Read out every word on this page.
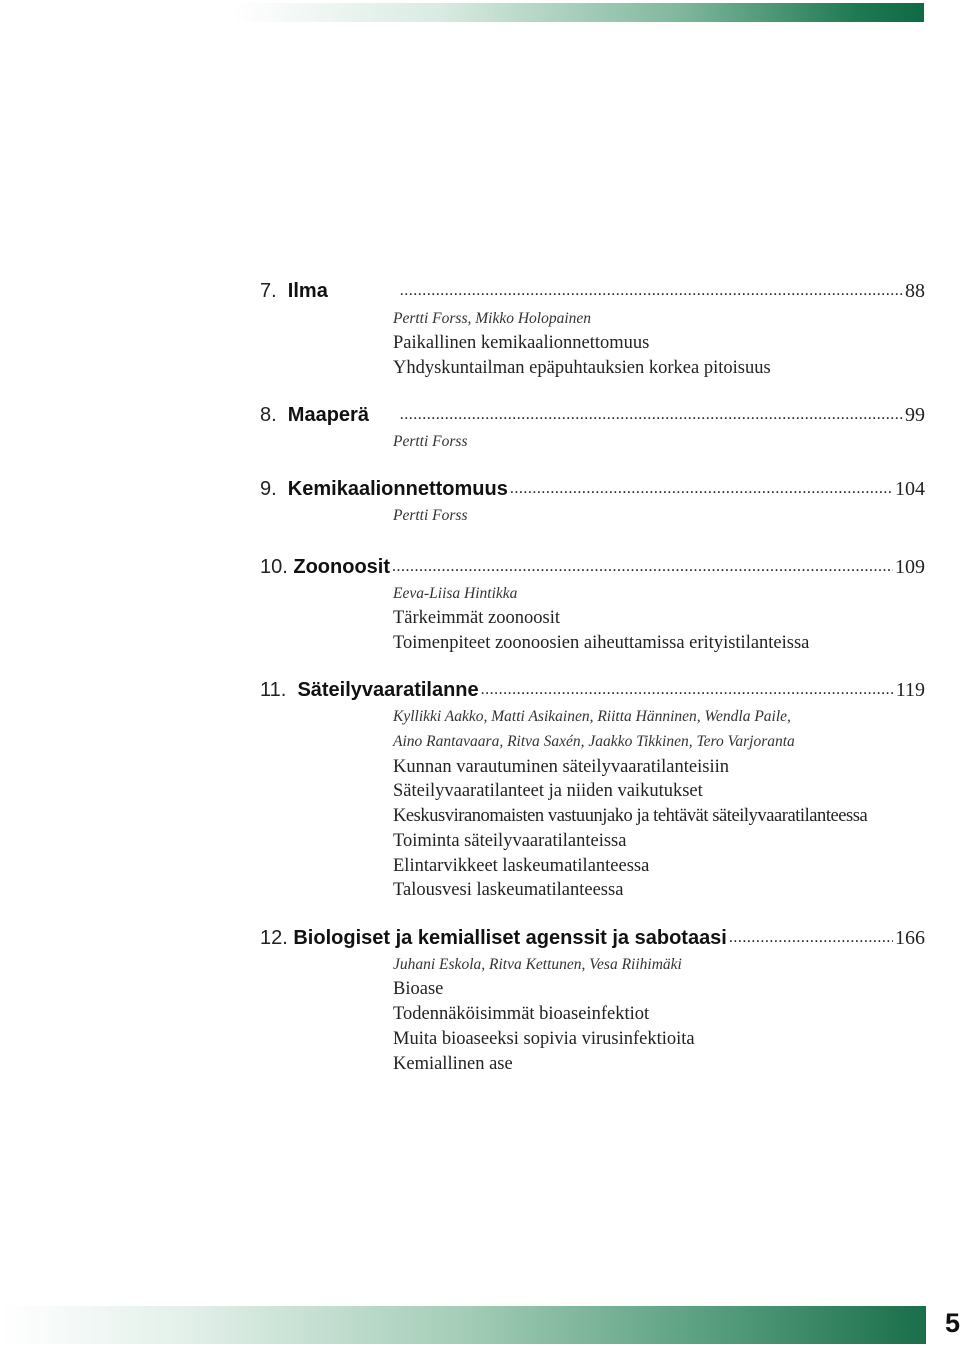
7. Ilma .....	88
Pertti Forss, Mikko Holopainen
Paikallinen kemikaalionnettomuus
Yhdyskuntailman epäpuhtauksien korkea pitoisuus
8. Maaperä .....	99
Pertti Forss
9. Kemikaalionnettomuus .....	104
Pertti Forss
10. Zoonoosit .....	109
Eeva-Liisa Hintikka
Tärkeimmät zoonoosit
Toimenpiteet zoonoosien aiheuttamissa erityistilanteissa
11. Säteilyvaaratilanne .....	119
Kyllikki Aakko, Matti Asikainen, Riitta Hänninen, Wendla Paile,
Aino Rantavaara, Ritva Saxén, Jaakko Tikkinen, Tero Varjoranta
Kunnan varautuminen säteilyvaaratilanteisiin
Säteilyvaaratilanteet ja niiden vaikutukset
Keskusviranomaisten vastuunjako ja tehtävät säteilyvaaratilanteessa
Toiminta säteilyvaaratilanteissa
Elintarvikkeet laskeumatilanteessa
Talousvesi laskeumatilanteessa
12. Biologiset ja kemialliset agenssit ja sabotaasi .....	166
Juhani Eskola, Ritva Kettunen, Vesa Riihimäki
Bioase
Todennäköisimmät bioaseinfektiot
Muita bioaseeksi sopivia virusinfektioita
Kemiallinen ase
5
